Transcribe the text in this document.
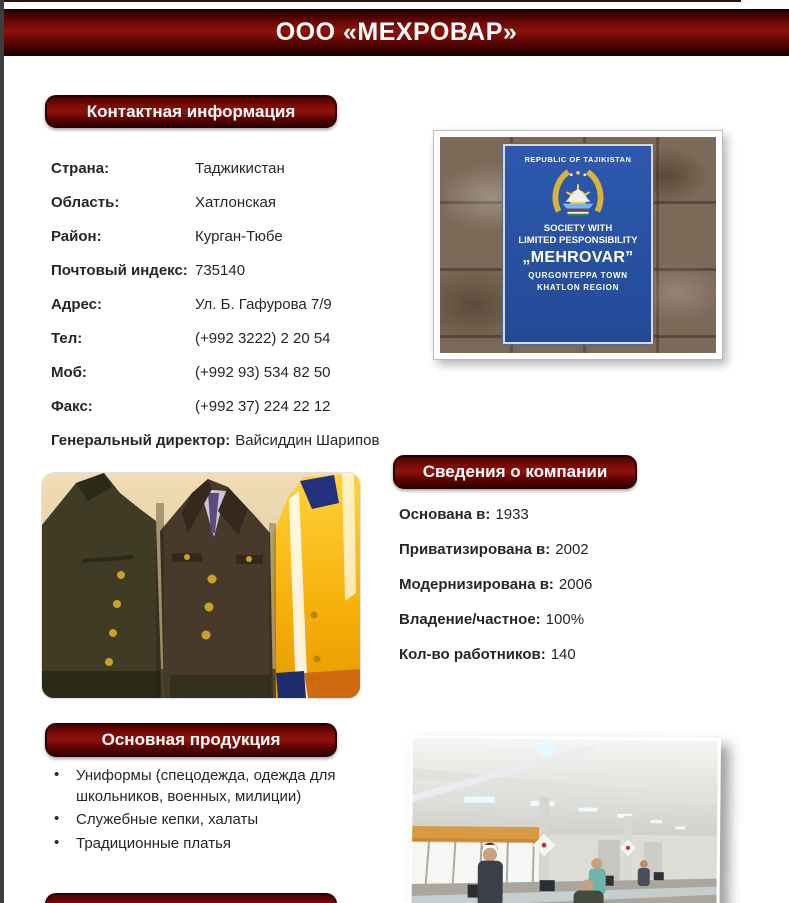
ООО «МЕХРОВАР»
Контактная информация
Страна:	Таджикистан
Область:	Хатлонская
Район:	Курган-Тюбе
Почтовый индекс: 735140
Адрес:	Ул. Б. Гафурова 7/9
Тел:	(+992 3222) 2 20 54
Моб:	(+992 93) 534 82 50
Факс:	(+992 37) 224 22 12
Генеральный директор: Вайсиддин Шарипов
REPUBLIC OF TAJIKISTAN
SOCIETY WITH
LIMITED PESPONSIBILITY
„MEHROVAR”
QURGONTEPPA TOWN
KHATLON REGION
Сведения о компании
Основана в: 1933
Приватизирована в: 2002
Модернизирована в: 2006
Владение/частное: 100%
Кол-во работников: 140
Основная продукция
• Униформы (спецодежда, одежда для школьников, военных, милиции)
• Служебные кепки, халаты
• Традиционные платья
